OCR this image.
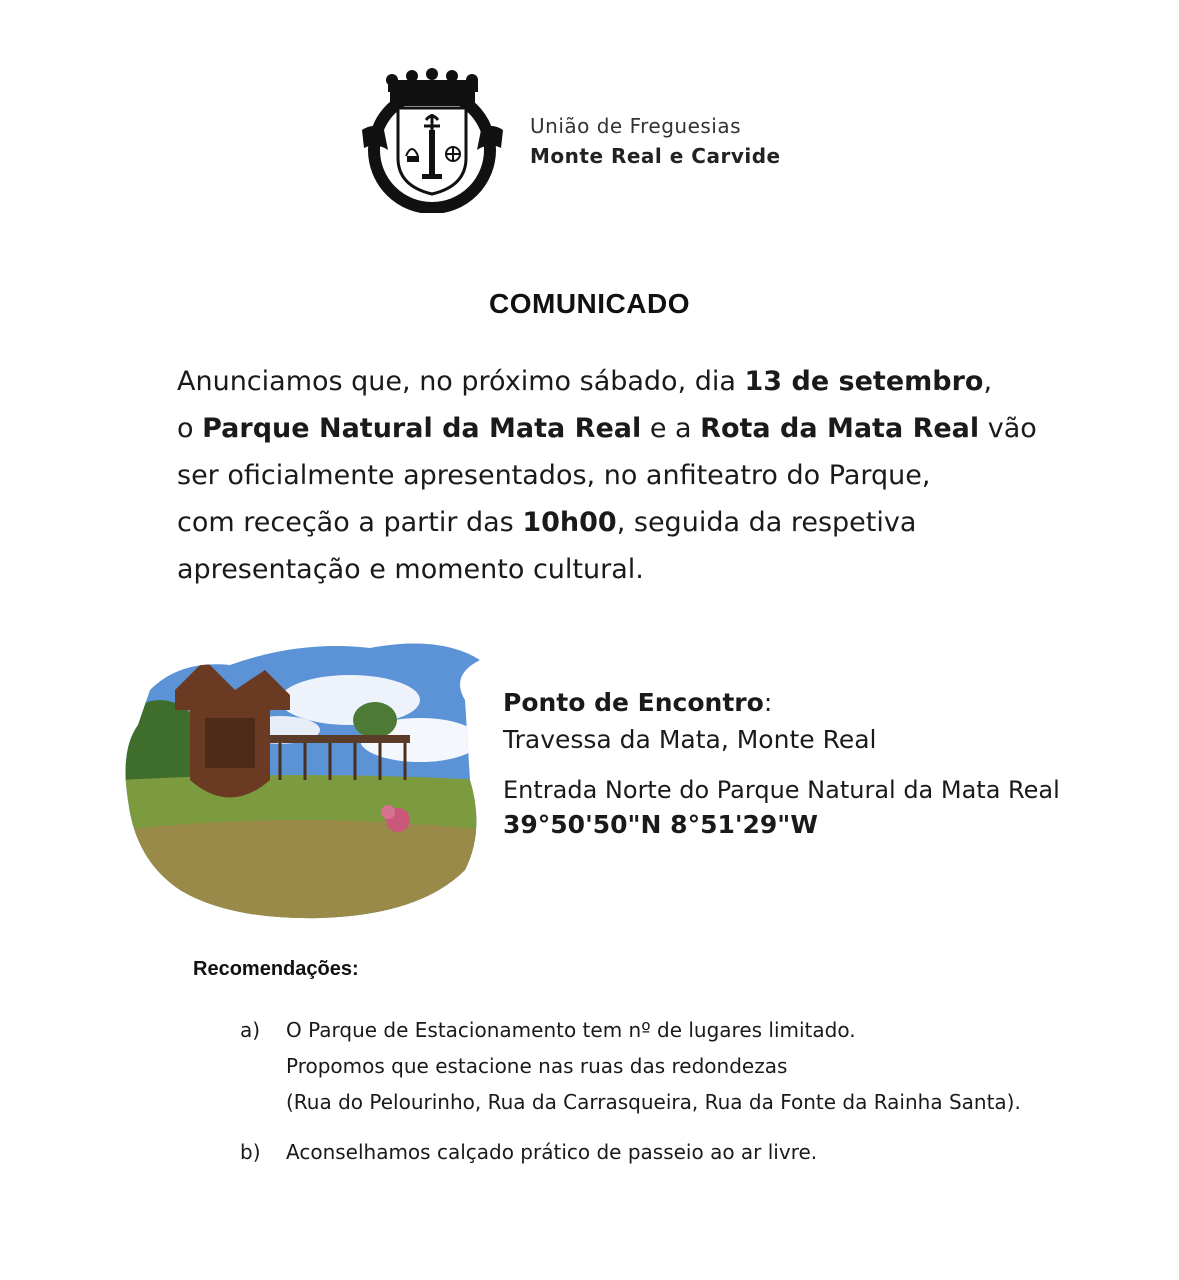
União de Freguesias
Monte Real e Carvide
COMUNICADO
Anunciamos que, no próximo sábado, dia 13 de setembro,
o Parque Natural da Mata Real e a Rota da Mata Real vão
ser oficialmente apresentados, no anfiteatro do Parque,
com receção a partir das 10h00, seguida da respetiva
apresentação e momento cultural.
Ponto de Encontro:
Travessa da Mata, Monte Real
Entrada Norte do Parque Natural da Mata Real
39°50'50"N 8°51'29"W
Recomendações:
a)	O Parque de Estacionamento tem nº de lugares limitado.
Propomos que estacione nas ruas das redondezas
(Rua do Pelourinho, Rua da Carrasqueira, Rua da Fonte da Rainha Santa).
b)	Aconselhamos calçado prático de passeio ao ar livre.
